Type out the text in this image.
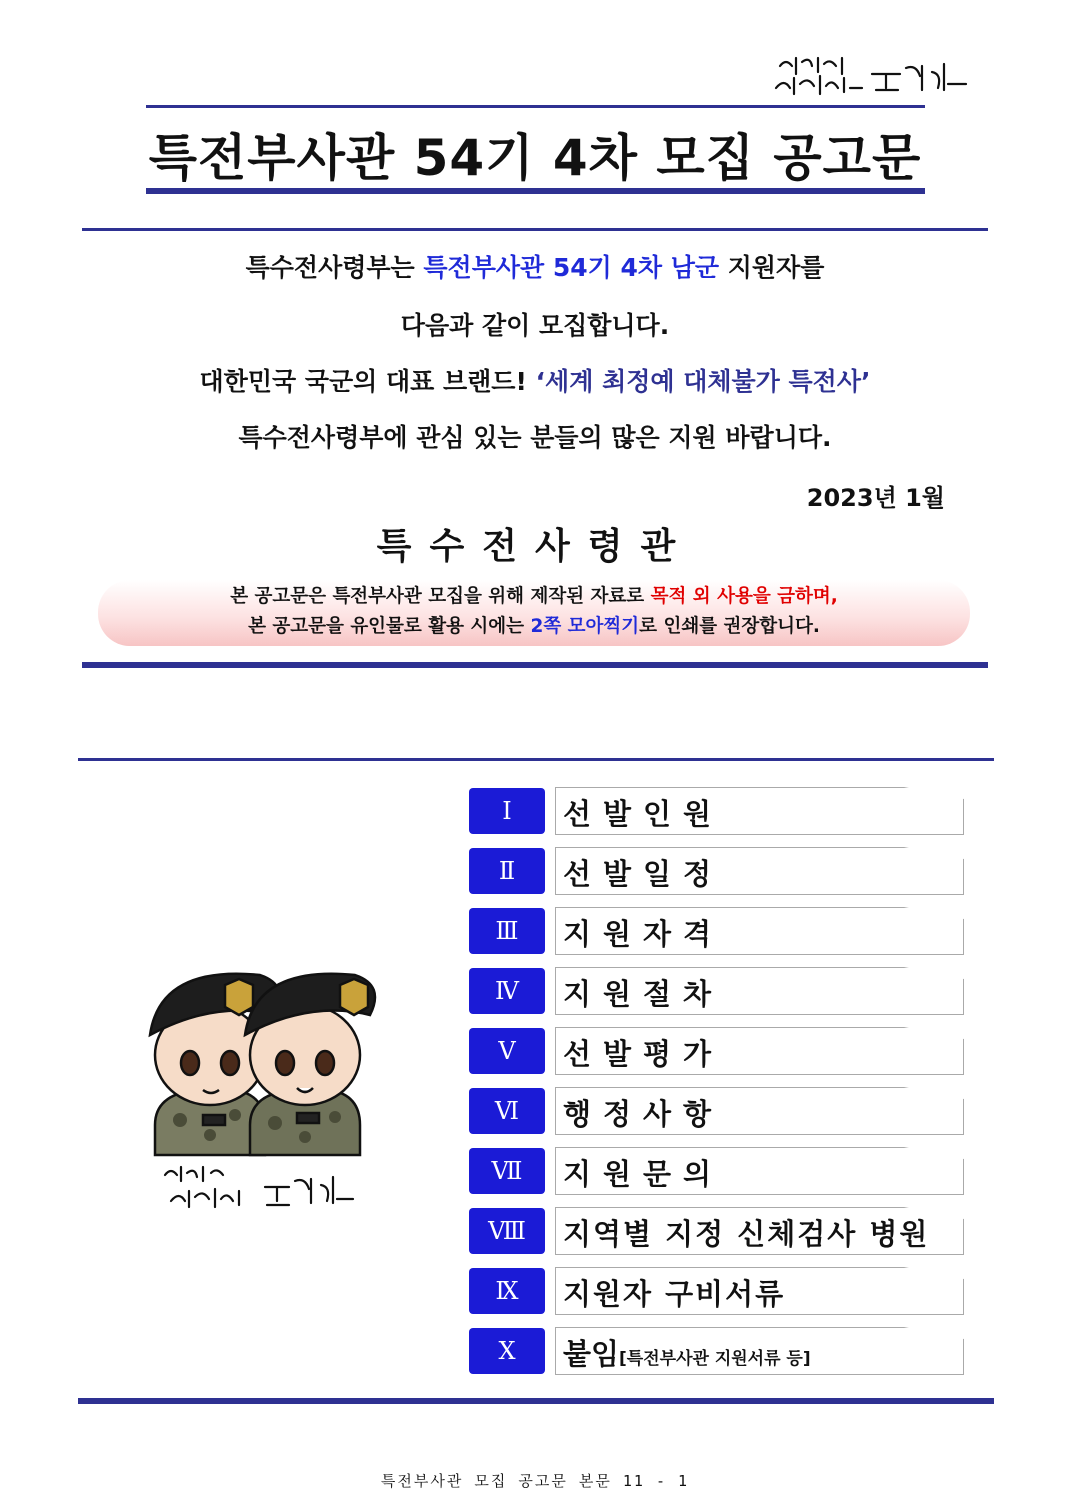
특전부사관 54기 4차 모집 공고문
특수전사령부는 특전부사관 54기 4차 남군 지원자를
다음과 같이 모집합니다.
대한민국 국군의 대표 브랜드! ‘세계 최정예 대체불가 특전사’
특수전사령부에 관심 있는 분들의 많은 지원 바랍니다.
2023년 1월
특수전사령관
본 공고문은 특전부사관 모집을 위해 제작된 자료로 목적 외 사용을 금하며,
본 공고문을 유인물로 활용 시에는 2쪽 모아찍기로 인쇄를 권장합니다.
Ⅰ	선발인원
Ⅱ	선발일정
Ⅲ	지원자격
Ⅳ	지원절차
Ⅴ	선발평가
Ⅵ	행정사항
Ⅶ	지원문의
Ⅷ	지역별 지정 신체검사 병원
Ⅸ	지원자 구비서류
Ⅹ	붙임[특전부사관 지원서류 등]
특전부사관 모집 공고문 본문 11 - 1
